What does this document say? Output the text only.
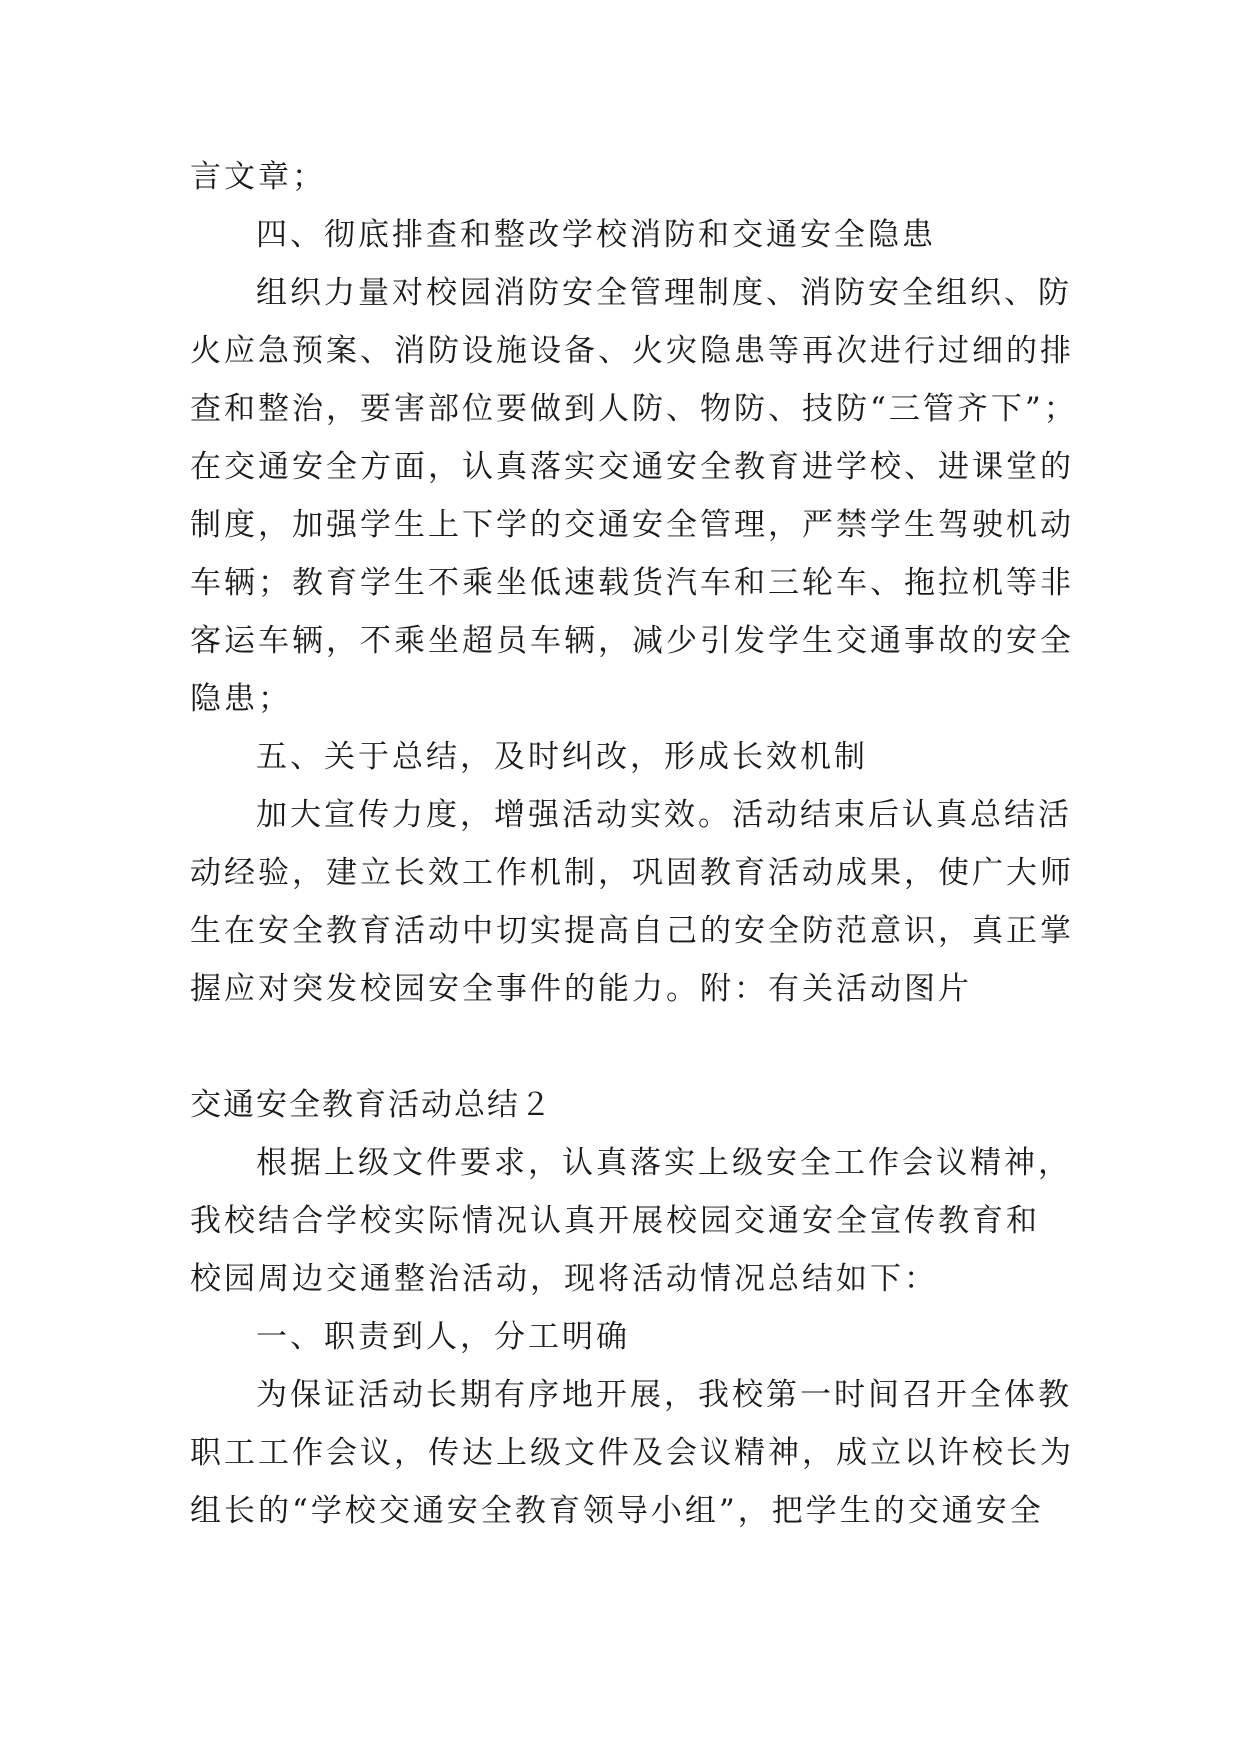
言文章；
四、彻底排查和整改学校消防和交通安全隐患
组织力量对校园消防安全管理制度、消防安全组织、防
火应急预案、消防设施设备、火灾隐患等再次进行过细的排
查和整治，要害部位要做到人防、物防、技防“三管齐下”；
在交通安全方面，认真落实交通安全教育进学校、进课堂的
制度，加强学生上下学的交通安全管理，严禁学生驾驶机动
车辆；教育学生不乘坐低速载货汽车和三轮车、拖拉机等非
客运车辆，不乘坐超员车辆，减少引发学生交通事故的安全
隐患；
五、关于总结，及时纠改，形成长效机制
加大宣传力度，增强活动实效。活动结束后认真总结活
动经验，建立长效工作机制，巩固教育活动成果，使广大师
生在安全教育活动中切实提高自己的安全防范意识，真正掌
握应对突发校园安全事件的能力。附：有关活动图片
交通安全教育活动总结２
根据上级文件要求，认真落实上级安全工作会议精神，
我校结合学校实际情况认真开展校园交通安全宣传教育和
校园周边交通整治活动，现将活动情况总结如下：
一、职责到人，分工明确
为保证活动长期有序地开展，我校第一时间召开全体教
职工工作会议，传达上级文件及会议精神，成立以许校长为
组长的“学校交通安全教育领导小组”，把学生的交通安全
